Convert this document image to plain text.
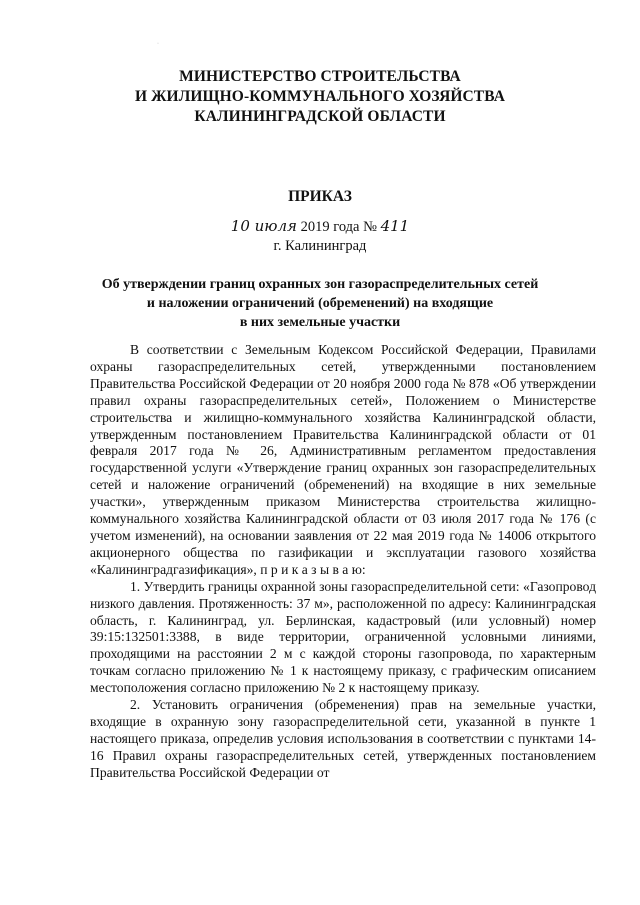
·
МИНИСТЕРСТВО СТРОИТЕЛЬСТВА
И ЖИЛИЩНО-КОММУНАЛЬНОГО ХОЗЯЙСТВА
КАЛИНИНГРАДСКОЙ ОБЛАСТИ
ПРИКАЗ
10 июля 2019 года № 411
г. Калининград
Об утверждении границ охранных зон газораспределительных сетей
и наложении ограничений (обременений) на входящие
в них земельные участки

В соответствии с Земельным Кодексом Российской Федерации, Правилами охраны газораспределительных сетей, утвержденными постановлением Правительства Российской Федерации от 20 ноября 2000 года № 878 «Об утверждении правил охраны газораспределительных сетей», Положением о Министерстве строительства и жилищно-коммунального хозяйства Калининградской области, утвержденным постановлением Правительства Калининградской области от 01 февраля 2017 года № 26, Административным регламентом предоставления государственной услуги «Утверждение границ охранных зон газораспределительных сетей и наложение ограничений (обременений) на входящие в них земельные участки», утвержденным приказом Министерства строительства жилищно-коммунального хозяйства Калининградской области от 03 июля 2017 года № 176 (с учетом изменений), на основании заявления от 22 мая 2019 года № 14006 открытого акционерного общества по газификации и эксплуатации газового хозяйства «Калининградгазификация», п р и к а з ы в а ю:

1. Утвердить границы охранной зоны газораспределительной сети: «Газопровод низкого давления. Протяженность: 37 м», расположенной по адресу: Калининградская область, г. Калининград, ул. Берлинская, кадастровый (или условный) номер 39:15:132501:3388, в виде территории, ограниченной условными линиями, проходящими на расстоянии 2 м с каждой стороны газопровода, по характерным точкам согласно приложению № 1 к настоящему приказу, с графическим описанием местоположения согласно приложению № 2 к настоящему приказу.

2. Установить ограничения (обременения) прав на земельные участки, входящие в охранную зону газораспределительной сети, указанной в пункте 1 настоящего приказа, определив условия использования в соответствии с пунктами 14-16 Правил охраны газораспределительных сетей, утвержденных постановлением Правительства Российской Федерации от
